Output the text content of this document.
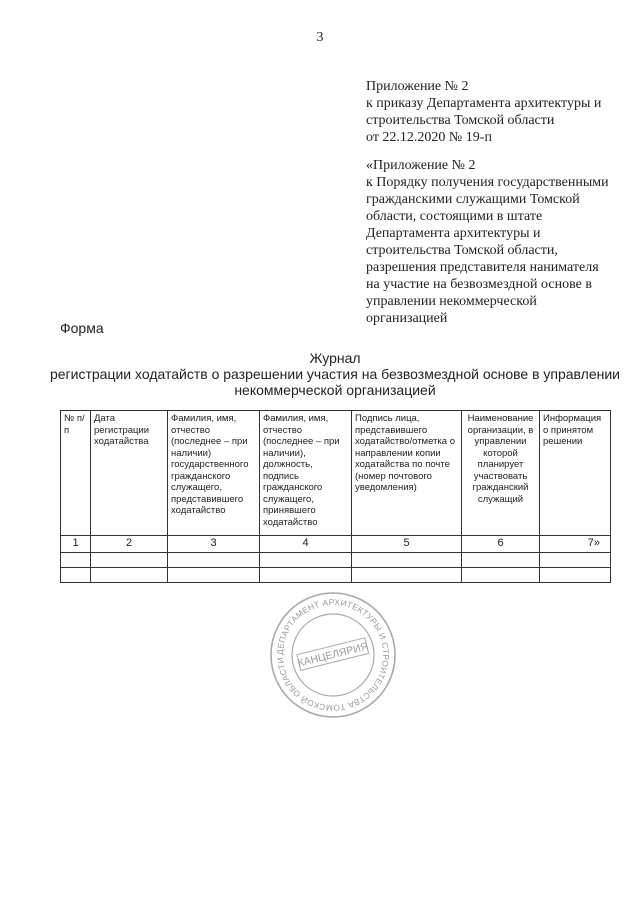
3
Приложение № 2
к приказу Департамента архитектуры и
строительства Томской области
от 22.12.2020 № 19-п
«Приложение № 2
к Порядку получения государственными
гражданскими служащими Томской
области, состоящими в штате
Департамента архитектуры и
строительства Томской области,
разрешения представителя нанимателя
на участие на безвозмездной основе в
управлении некоммерческой
организацией
Форма
Журнал
регистрации ходатайств о разрешении участия на безвозмездной основе в управлении
некоммерческой организацией
№ п/п	Дата регистрации ходатайства	Фамилия, имя, отчество (последнее – при наличии) государственного гражданского служащего, представившего ходатайство	Фамилия, имя, отчество (последнее – при наличии), должность, подпись гражданского служащего, принявшего ходатайство	Подпись лица, представившего ходатайство/отметка о направлении копии ходатайства по почте (номер почтового уведомления)	Наименование организации, в управлении которой планирует участвовать гражданский служащий	Информация о принятом решении
1	2	3	4	5	6	7»

ДЕПАРТАМЕНТ АРХИТЕКТУРЫ И СТРОИТЕЛЬСТВА ТОМСКОЙ ОБЛАСТИ	КАНЦЕЛЯРИЯ
